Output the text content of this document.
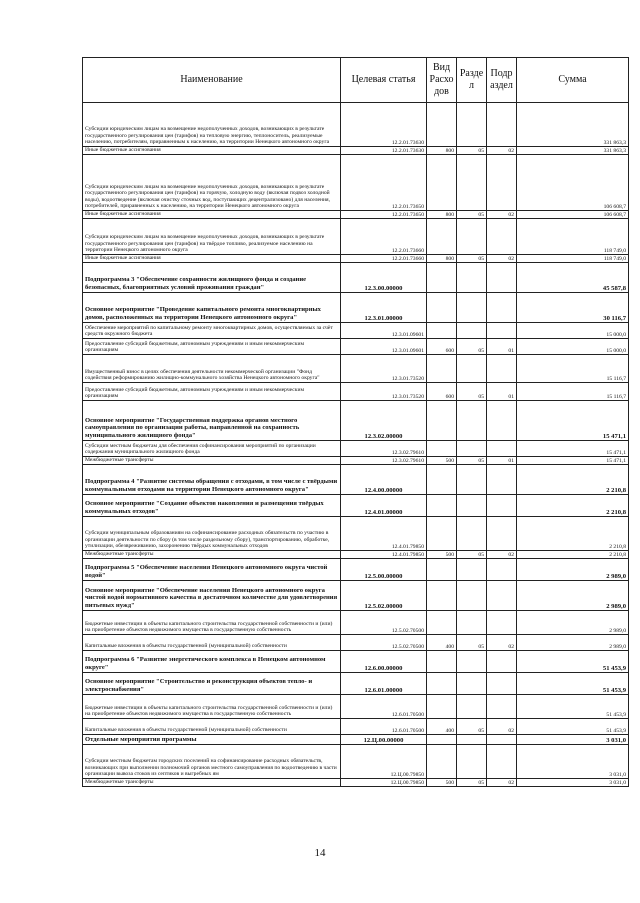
Наименование	Целевая статья	Вид Расхо дов	Разде л	Подр аздел	Сумма
Субсидии юридическим лицам на возмещение недополученных доходов, возникающих в результате государственного регулирования цен (тарифов) на тепловую энергию, теплоноситель, реализуемые населению, потребителям, приравненным к населению, на территории Ненецкого автономного округа	12.2.01.73630				331 863,3
Иные бюджетные ассигнования	12.2.01.73630	800	05	02	331 863,3
Субсидии юридическим лицам на возмещение недополученных доходов, возникающих в результате государственного регулирования цен (тарифов) на горячую, холодную воду (включая подвоз холодной воды), водоотведение (включая очистку сточных вод, поступающих децентрализовано) для населения, потребителей, приравненных к населению, на территории Ненецкого автономного округа	12.2.01.73650				106 608,7
Иные бюджетные ассигнования	12.2.01.73650	800	05	02	106 608,7
Субсидии юридическим лицам на возмещение недополученных доходов, возникающих в результате государственного регулирования цен (тарифов) на твёрдое топливо, реализуемое населению на территории Ненецкого автономного округа	12.2.01.73660				118 749,0
Иные бюджетные ассигнования	12.2.01.73660	800	05	02	118 749,0
Подпрограмма 3 "Обеспечение сохранности жилищного фонда и создание безопасных, благоприятных условий проживания граждан"	12.3.00.00000				45 587,8
Основное мероприятие "Проведение капитального ремонта многоквартирных домов, расположенных на территории Ненецкого автономного округа"	12.3.01.00000				30 116,7
Обеспечение мероприятий по капитальному ремонту многоквартирных домов, осуществляемых за счёт средств окружного бюджета	12.3.01.09601				15 000,0
Предоставление субсидий бюджетным, автономным учреждениям и иным некоммерческим организациям	12.3.01.09601	600	05	01	15 000,0
Имущественный взнос в целях обеспечения деятельности некоммерческой организации "Фонд содействия реформированию жилищно-коммунального хозяйства Ненецкого автономного округа"	12.3.01.73520				15 116,7
Предоставление субсидий бюджетным, автономным учреждениям и иным некоммерческим организациям	12.3.01.73520	600	05	01	15 116,7
Основное мероприятие "Государственная поддержка органов местного самоуправления по организации работы, направленной на сохранность муниципального жилищного фонда"	12.3.02.00000				15 471,1
Субсидии местным бюджетам для обеспечения софинансирования мероприятий по организации содержания муниципального жилищного фонда	12.3.02.79610				15 471,1
Межбюджетные трансферты	12.3.02.79610	500	05	01	15 471,1
Подпрограмма 4 "Развитие системы обращения с отходами, в том числе с твёрдыми коммунальными отходами на территории Ненецкого автономного округа"	12.4.00.00000				2 210,8
Основное мероприятие "Создание объектов накопления и размещения твёрдых коммунальных отходов"	12.4.01.00000				2 210,8
Субсидии муниципальным образованиям на софинансирование расходных обязательств по участию в организации деятельности по сбору (в том числе раздельному сбору), транспортированию, обработке, утилизации, обезвреживанию, захоронению твёрдых коммунальных отходов	12.4.01.79850				2 210,8
Межбюджетные трансферты	12.4.01.79850	500	05	02	2 210,8
Подпрограмма 5 "Обеспечение населения Ненецкого автономного округа чистой водой"	12.5.00.00000				2 989,0
Основное мероприятие "Обеспечение населения Ненецкого автономного округа чистой водой нормативного качества в достаточном количестве для удовлетворения питьевых нужд"	12.5.02.00000				2 989,0
Бюджетные инвестиции в объекты капитального строительства государственной собственности и (или) на приобретение объектов недвижимого имущества в государственную собственность	12.5.02.70500				2 989,0
Капитальные вложения в объекты государственной (муниципальной) собственности	12.5.02.70500	400	05	02	2 989,0
Подпрограмма 6 "Развитие энергетического комплекса в Ненецком автономном округе"	12.6.00.00000				51 453,9
Основное мероприятие "Строительство и реконструкция объектов тепло- и электроснабжения"	12.6.01.00000				51 453,9
Бюджетные инвестиции в объекты капитального строительства государственной собственности и (или) на приобретение объектов недвижимого имущества в государственную собственность	12.6.01.70500				51 453,9
Капитальные вложения в объекты государственной (муниципальной) собственности	12.6.01.70500	400	05	02	51 453,9
Отдельные мероприятия программы	12.Ц.00.00000				3 031,0
Субсидии местным бюджетам городских поселений на софинансирование расходных обязательств, возникающих при выполнении полномочий органов местного самоуправления по водоотведению в части организации вывоза стоков из септиков и выгребных ям	12.Ц.00.79850				3 031,0
Межбюджетные трансферты	12.Ц.00.79850	500	05	02	3 031,0
14
